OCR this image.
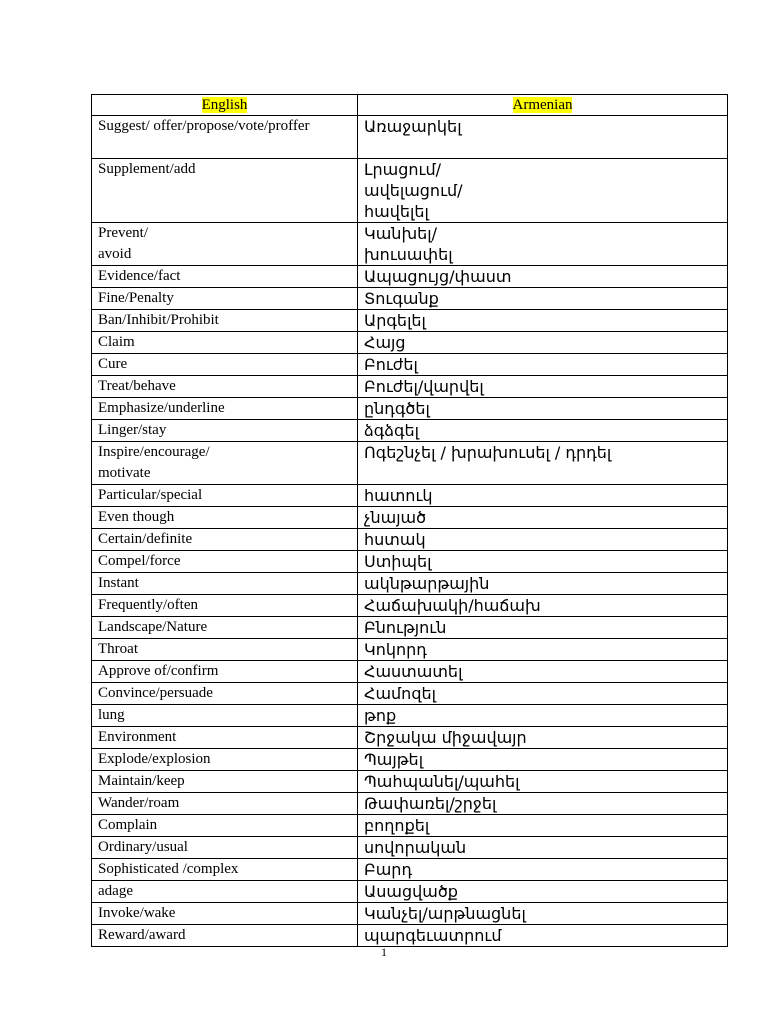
English	Armenian
Suggest/ offer/propose/vote/proffer	Առաջարկել
Supplement/add	Լրացում/
ավելացում/
հավելել
Prevent/
avoid	Կանխել/
խուսափել
Evidence/fact	Ապացույց/փաստ
Fine/Penalty	Տուգանք
Ban/Inhibit/Prohibit	Արգելել
Claim	Հայց
Cure	Բուժել
Treat/behave	Բուժել/վարվել
Emphasize/underline	ընդգծել
Linger/stay	ձգձգել
Inspire/encourage/
motivate	Ոգեշնչել / խրախուսել / դրդել
Particular/special	հատուկ
Even though	չնայած
Certain/definite	հստակ
Compel/force	Ստիպել
Instant	ակնթարթային
Frequently/often	Հաճախակի/հաճախ
Landscape/Nature	Բնություն
Throat	Կոկորդ
Approve of/confirm	Հաստատել
Convince/persuade	Համոզել
lung	թոք
Environment	Շրջակա միջավայր
Explode/explosion	Պայթել
Maintain/keep	Պահպանել/պահել
Wander/roam	Թափառել/շրջել
Complain	բողոքել
Ordinary/usual	սովորական
Sophisticated /complex	Բարդ
adage	Ասացվածք
Invoke/wake	Կանչել/արթնացնել
Reward/award	պարգեւատրում
1
